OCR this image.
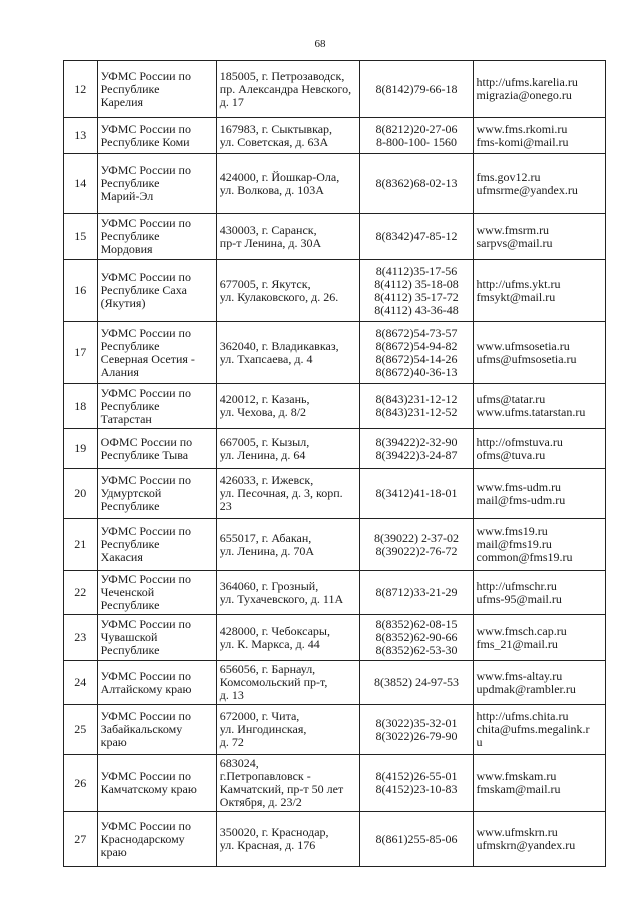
68
12	УФМС России по
Республике
Карелия	185005, г. Петрозаводск,
пр. Александра Невского,
д. 17	8(8142)79-66-18	http://ufms.karelia.ru
migrazia@onego.ru

13	УФМС России по
Республике Коми	167983, г. Сыктывкар,
ул. Советская, д. 63А	8(8212)20-27-06
8-800-100- 1560	www.fms.rkomi.ru
fms-komi@mail.ru

14	УФМС России по
Республике
Марий-Эл	424000, г. Йошкар-Ола,
ул. Волкова, д. 103А	8(8362)68-02-13	fms.gov12.ru
ufmsrme@yandex.ru

15	УФМС России по
Республике
Мордовия	430003, г. Саранск,
пр-т Ленина, д. 30А	8(8342)47-85-12	www.fmsrm.ru
sarpvs@mail.ru

16	УФМС России по
Республике Саха
(Якутия)	677005, г. Якутск,
ул. Кулаковского, д. 26.	8(4112)35-17-56
8(4112) 35-18-08
8(4112) 35-17-72
8(4112) 43-36-48	http://ufms.ykt.ru
fmsykt@mail.ru

17	УФМС России по
Республике
Северная Осетия -
Алания	362040, г. Владикавказ,
ул. Тхапсаева, д. 4	8(8672)54-73-57
8(8672)54-94-82
8(8672)54-14-26
8(8672)40-36-13	www.ufmsosetia.ru
ufms@ufmsosetia.ru

18	УФМС России по
Республике
Татарстан	420012, г. Казань,
ул. Чехова, д. 8/2	8(843)231-12-12
8(843)231-12-52	ufms@tatar.ru
www.ufms.tatarstan.ru

19	ОФМС России по
Республике Тыва	667005, г. Кызыл,
ул. Ленина, д. 64	8(39422)2-32-90
8(39422)3-24-87	http://ofmstuva.ru
ofms@tuva.ru

20	УФМС России по
Удмуртской
Республике	426033, г. Ижевск,
ул. Песочная, д. 3, корп.
23	8(3412)41-18-01	www.fms-udm.ru
mail@fms-udm.ru

21	УФМС России по
Республике
Хакасия	655017, г. Абакан,
ул. Ленина, д. 70А	8(39022) 2-37-02
8(39022)2-76-72	www.fms19.ru
mail@fms19.ru
common@fms19.ru

22	УФМС России по
Чеченской
Республике	364060, г. Грозный,
ул. Тухачевского, д. 11А	8(8712)33-21-29	http://ufmschr.ru
ufms-95@mail.ru

23	УФМС России по
Чувашской
Республике	428000, г. Чебоксары,
ул. К. Маркса, д. 44	8(8352)62-08-15
8(8352)62-90-66
8(8352)62-53-30	www.fmsch.cap.ru
fms_21@mail.ru

24	УФМС России по
Алтайскому краю	656056, г. Барнаул,
Комсомольский пр-т,
д. 13	8(3852) 24-97-53	www.fms-altay.ru
updmak@rambler.ru

25	УФМС России по
Забайкальскому
краю	672000, г. Чита,
ул. Ингодинская,
д. 72	8(3022)35-32-01
8(3022)26-79-90	http://ufms.chita.ru
chita@ufms.megalink.r
u

26	УФМС России по
Камчатскому краю	683024,
г.Петропавловск -
Камчатский, пр-т 50 лет
Октября, д. 23/2	8(4152)26-55-01
8(4152)23-10-83	www.fmskam.ru
fmskam@mail.ru

27	УФМС России по
Краснодарскому
краю	350020, г. Краснодар,
ул. Красная, д. 176	8(861)255-85-06	www.ufmskrn.ru
ufmskrn@yandex.ru
